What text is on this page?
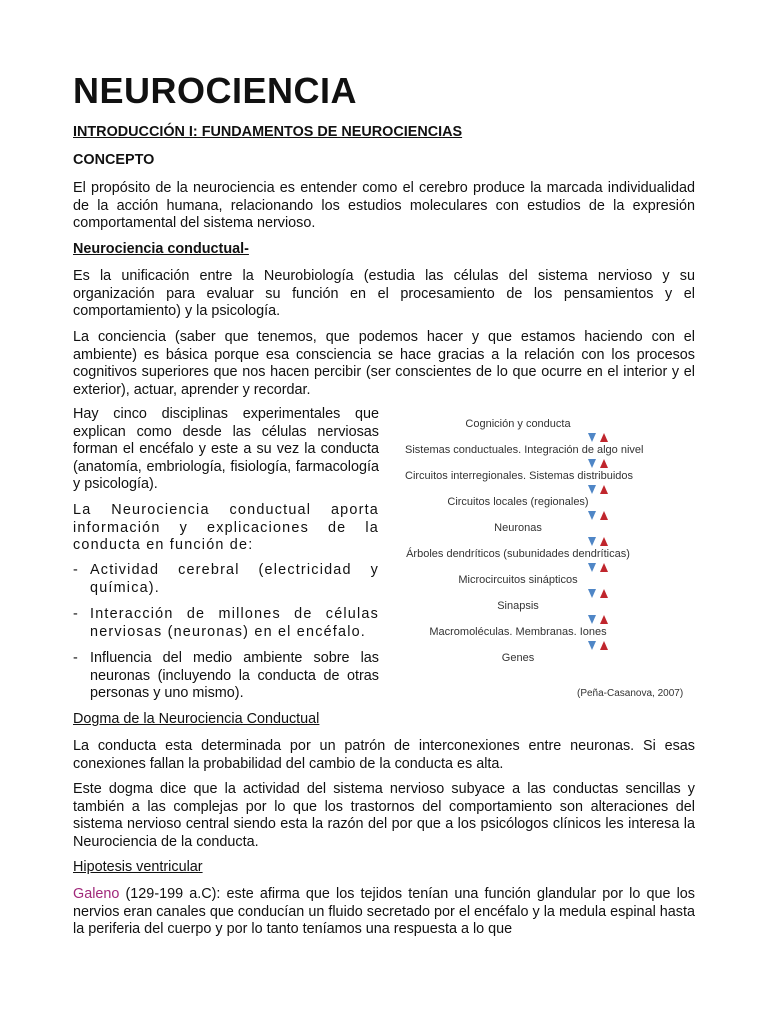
NEUROCIENCIA

INTRODUCCIÓN I: FUNDAMENTOS DE NEUROCIENCIAS

CONCEPTO

El propósito de la neurociencia es entender como el cerebro produce la marcada individualidad de la acción humana, relacionando los estudios moleculares con estudios de la expresión comportamental del sistema nervioso.

Neurociencia conductual-

Es la unificación entre la Neurobiología (estudia las células del sistema nervioso y su organización para evaluar su función en el procesamiento de los pensamientos y el comportamiento) y la psicología.

La conciencia (saber que tenemos, que podemos hacer y que estamos haciendo con el ambiente) es básica porque esa consciencia se hace gracias a la relación con los procesos cognitivos superiores que nos hacen percibir (ser conscientes de lo que ocurre en el interior y el exterior), actuar, aprender y recordar.

Hay cinco disciplinas experimentales que explican como desde las células nerviosas forman el encéfalo y este a su vez la conducta (anatomía, embriología, fisiología, farmacología y psicología).

La Neurociencia conductual aporta información y explicaciones de la conducta en función de:

- Actividad cerebral (electricidad y química).
- Interacción de millones de células nerviosas (neuronas) en el encéfalo.
- Influencia del medio ambiente sobre las neuronas (incluyendo la conducta de otras personas y uno mismo).

Dogma de la Neurociencia Conductual

La conducta esta determinada por un patrón de interconexiones entre neuronas. Si esas conexiones fallan la probabilidad del cambio de la conducta es alta.

Este dogma dice que la actividad del sistema nervioso subyace a las conductas sencillas y también a las complejas por lo que los trastornos del comportamiento son alteraciones del sistema nervioso central siendo esta la razón del por que a los psicólogos clínicos les interesa la Neurociencia de la conducta.

Hipotesis ventricular

Galeno (129-199 a.C): este afirma que los tejidos tenían una función glandular por lo que los nervios eran canales que conducían un fluido secretado por el encéfalo y la medula espinal hasta la periferia del cuerpo y por lo tanto teníamos una respuesta a lo que

Cognición y conducta
Sistemas conductuales. Integración de algo nivel
Circuitos interregionales. Sistemas distribuidos
Circuitos locales (regionales)
Neuronas
Árboles dendríticos (subunidades dendríticas)
Microcircuitos sinápticos
Sinapsis
Macromoléculas. Membranas. Iones
Genes
(Peña-Casanova, 2007)
